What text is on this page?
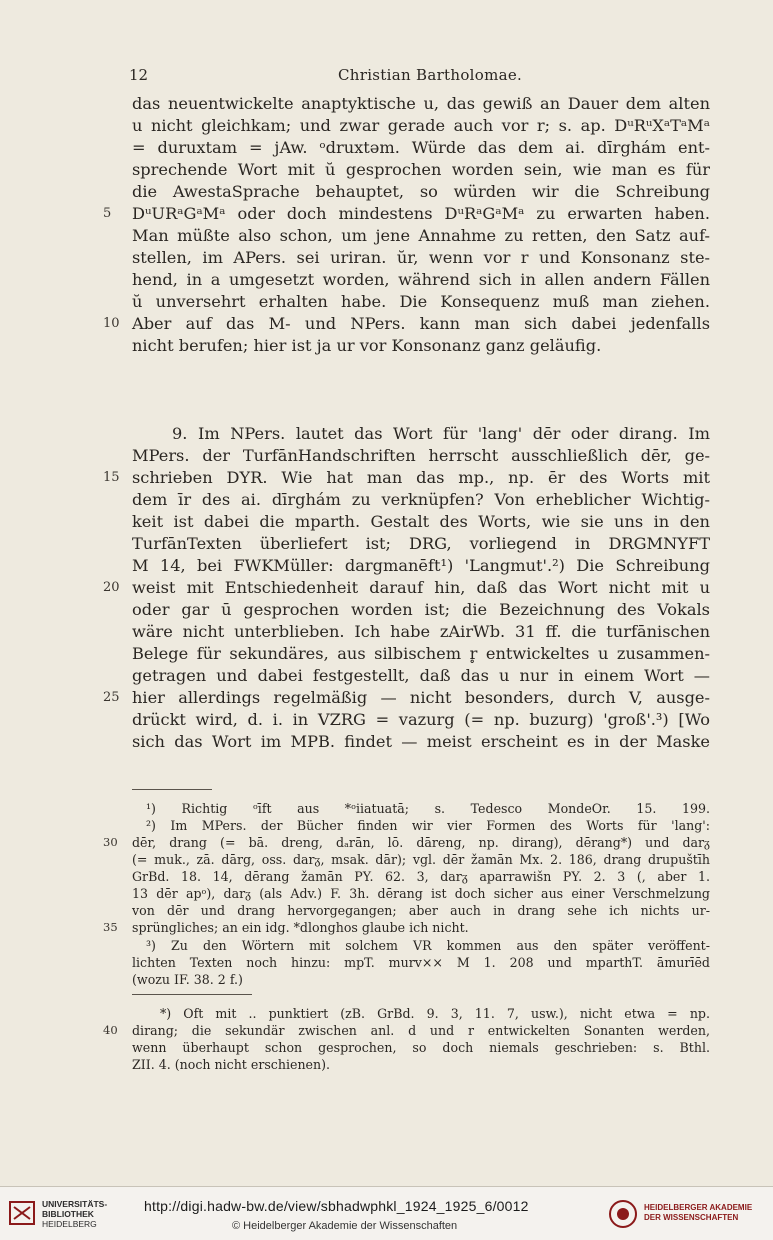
12	Christian Bartholomae.
das neuentwickelte anaptyktische u, das gewiß an Dauer dem alten
u nicht gleichkam; und zwar gerade auch vor r; s. ap. DᵘRᵘXᵃTᵃMᵃ
= duruxtam = jAw. ᵒdruxtəm. Würde das dem ai. dīrghám ent-
sprechende Wort mit ŭ gesprochen worden sein, wie man es für
die AwestaSprache behauptet, so würden wir die Schreibung
DᵘURᵃGᵃMᵃ oder doch mindestens DᵘRᵃGᵃMᵃ zu erwarten haben.
Man müßte also schon, um jene Annahme zu retten, den Satz auf-
stellen, im APers. sei uriran. ŭr, wenn vor r und Konsonanz ste-
hend, in a umgesetzt worden, während sich in allen andern Fällen
ŭ unversehrt erhalten habe. Die Konsequenz muß man ziehen.
Aber auf das M- und NPers. kann man sich dabei jedenfalls
nicht berufen; hier ist ja ur vor Konsonanz ganz geläufig.
9. Im NPers. lautet das Wort für 'lang' dēr oder dirang. Im
MPers. der TurfānHandschriften herrscht ausschließlich dēr, ge-
schrieben DYR. Wie hat man das mp., np. ēr des Worts mit
dem īr des ai. dīrghám zu verknüpfen? Von erheblicher Wichtig-
keit ist dabei die mparth. Gestalt des Worts, wie sie uns in den
TurfānTexten überliefert ist; DRG, vorliegend in DRGMNYFT
M 14, bei FWKMüller: dargmanēft¹) 'Langmut'.²) Die Schreibung
weist mit Entschiedenheit darauf hin, daß das Wort nicht mit u
oder gar ū gesprochen worden ist; die Bezeichnung des Vokals
wäre nicht unterblieben. Ich habe zAirWb. 31 ff. die turfānischen
Belege für sekundäres, aus silbischem r̥ entwickeltes u zusammen-
getragen und dabei festgestellt, daß das u nur in einem Wort —
hier allerdings regelmäßig — nicht besonders, durch V, ausge-
drückt wird, d. i. in VZRG = vazurg (= np. buzurg) 'groß'.³) [Wo
sich das Wort im MPB. findet — meist erscheint es in der Maske
5
10
15
20
25
¹) Richtig ᵒīft aus *ᵒiiatuatā; s. Tedesco MondeOr. 15. 199.
²) Im MPers. der Bücher finden wir vier Formen des Worts für 'lang':
dēr, drang (= bā. dreng, dₐrān, lō. dāreng, np. dirang), dērang*) und darᵹ
(= muk., zā. dārg, oss. darᵹ, msak. dār); vgl. dēr žamān Mx. 2. 186, drang drupuštīh
GrBd. 18. 14, dērang žamān PY. 62. 3, darᵹ aparrawišn PY. 2. 3 (, aber 1.
13 dēr apᵒ), darᵹ (als Adv.) F. 3h. dērang ist doch sicher aus einer Verschmelzung
von dēr und drang hervorgegangen; aber auch in drang sehe ich nichts ur-
sprüngliches; an ein idg. *dlonghos glaube ich nicht.
³) Zu den Wörtern mit solchem VR kommen aus den später veröffent-
lichten Texten noch hinzu: mpT. murv×× M 1. 208 und mparthT. āmurīēd
(wozu IF. 38. 2 f.)
*) Oft mit .. punktiert (zB. GrBd. 9. 3, 11. 7, usw.), nicht etwa = np.
dirang; die sekundär zwischen anl. d und r entwickelten Sonanten werden,
wenn überhaupt schon gesprochen, so doch niemals geschrieben: s. Bthl.
ZII. 4. (noch nicht erschienen).
30
35
40
UNIVERSITÄTS-
BIBLIOTHEK
HEIDELBERG
http://digi.hadw-bw.de/view/sbhadwphkl_1924_1925_6/0012
© Heidelberger Akademie der Wissenschaften
HEIDELBERGER AKADEMIE
DER WISSENSCHAFTEN
